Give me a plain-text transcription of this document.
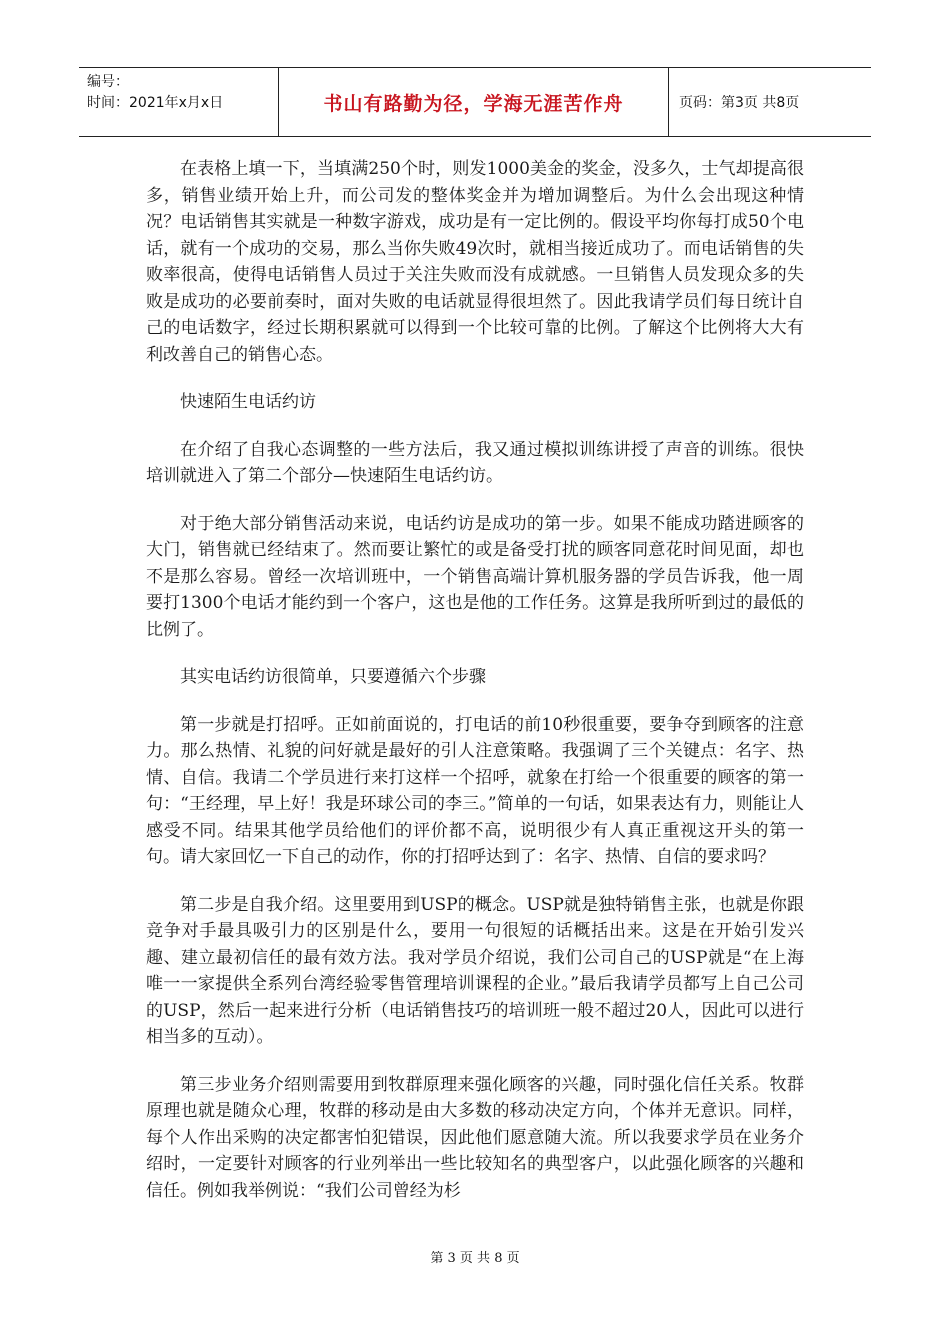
编号：
时间：2021年x月x日	书山有路勤为径，学海无涯苦作舟	页码：第3页 共8页

在表格上填一下，当填满250个时，则发1000美金的奖金，没多久，士气却提高很多，销售业绩开始上升，而公司发的整体奖金并为增加调整后。为什么会出现这种情况？电话销售其实就是一种数字游戏，成功是有一定比例的。假设平均你每打成50个电话，就有一个成功的交易，那么当你失败49次时，就相当接近成功了。而电话销售的失败率很高，使得电话销售人员过于关注失败而没有成就感。一旦销售人员发现众多的失败是成功的必要前奏时，面对失败的电话就显得很坦然了。因此我请学员们每日统计自己的电话数字，经过长期积累就可以得到一个比较可靠的比例。了解这个比例将大大有利改善自己的销售心态。

快速陌生电话约访

在介绍了自我心态调整的一些方法后，我又通过模拟训练讲授了声音的训练。很快培训就进入了第二个部分—快速陌生电话约访。

对于绝大部分销售活动来说，电话约访是成功的第一步。如果不能成功踏进顾客的大门，销售就已经结束了。然而要让繁忙的或是备受打扰的顾客同意花时间见面，却也不是那么容易。曾经一次培训班中，一个销售高端计算机服务器的学员告诉我，他一周要打1300个电话才能约到一个客户，这也是他的工作任务。这算是我所听到过的最低的比例了。

其实电话约访很简单，只要遵循六个步骤

第一步就是打招呼。正如前面说的，打电话的前10秒很重要，要争夺到顾客的注意力。那么热情、礼貌的问好就是最好的引人注意策略。我强调了三个关键点：名字、热情、自信。我请二个学员进行来打这样一个招呼，就象在打给一个很重要的顾客的第一句：“王经理，早上好！我是环球公司的李三。”简单的一句话，如果表达有力，则能让人感受不同。结果其他学员给他们的评价都不高，说明很少有人真正重视这开头的第一句。请大家回忆一下自己的动作，你的打招呼达到了：名字、热情、自信的要求吗？

第二步是自我介绍。这里要用到USP的概念。USP就是独特销售主张，也就是你跟竞争对手最具吸引力的区别是什么，要用一句很短的话概括出来。这是在开始引发兴趣、建立最初信任的最有效方法。我对学员介绍说，我们公司自己的USP就是“在上海唯一一家提供全系列台湾经验零售管理培训课程的企业。”最后我请学员都写上自己公司的USP，然后一起来进行分析（电话销售技巧的培训班一般不超过20人，因此可以进行相当多的互动）。

第三步业务介绍则需要用到牧群原理来强化顾客的兴趣，同时强化信任关系。牧群原理也就是随众心理，牧群的移动是由大多数的移动决定方向，个体并无意识。同样，每个人作出采购的决定都害怕犯错误，因此他们愿意随大流。所以我要求学员在业务介绍时，一定要针对顾客的行业列举出一些比较知名的典型客户，以此强化顾客的兴趣和信任。例如我举例说：“我们公司曾经为杉

第 3 页 共 8 页
